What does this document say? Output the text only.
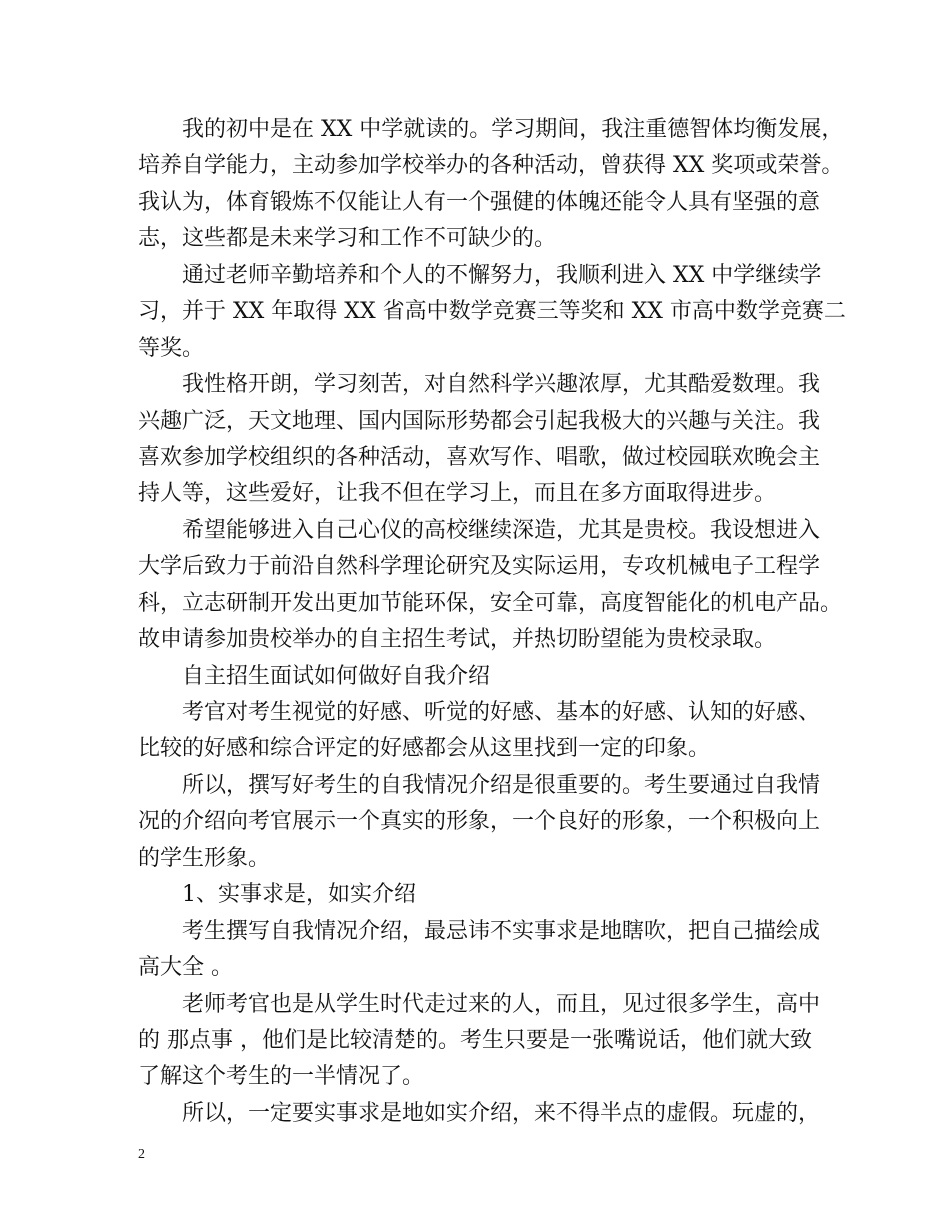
我的初中是在 XX 中学就读的。学习期间，我注重德智体均衡发展，
培养自学能力，主动参加学校举办的各种活动，曾获得 XX 奖项或荣誉。
我认为，体育锻炼不仅能让人有一个强健的体魄还能令人具有坚强的意
志，这些都是未来学习和工作不可缺少的。
通过老师辛勤培养和个人的不懈努力，我顺利进入 XX 中学继续学
习，并于 XX 年取得 XX 省高中数学竞赛三等奖和 XX 市高中数学竞赛二
等奖。
我性格开朗，学习刻苦，对自然科学兴趣浓厚，尤其酷爱数理。我
兴趣广泛，天文地理、国内国际形势都会引起我极大的兴趣与关注。我
喜欢参加学校组织的各种活动，喜欢写作、唱歌，做过校园联欢晚会主
持人等，这些爱好，让我不但在学习上，而且在多方面取得进步。
希望能够进入自己心仪的高校继续深造，尤其是贵校。我设想进入
大学后致力于前沿自然科学理论研究及实际运用，专攻机械电子工程学
科，立志研制开发出更加节能环保，安全可靠，高度智能化的机电产品。
故申请参加贵校举办的自主招生考试，并热切盼望能为贵校录取。
自主招生面试如何做好自我介绍
考官对考生视觉的好感、听觉的好感、基本的好感、认知的好感、
比较的好感和综合评定的好感都会从这里找到一定的印象。
所以，撰写好考生的自我情况介绍是很重要的。考生要通过自我情
况的介绍向考官展示一个真实的形象，一个良好的形象，一个积极向上
的学生形象。
1、实事求是，如实介绍
考生撰写自我情况介绍，最忌讳不实事求是地瞎吹，把自己描绘成
高大全 。
老师考官也是从学生时代走过来的人，而且，见过很多学生，高中
的 那点事 ，他们是比较清楚的。考生只要是一张嘴说话，他们就大致
了解这个考生的一半情况了。
所以，一定要实事求是地如实介绍，来不得半点的虚假。玩虚的，
2
